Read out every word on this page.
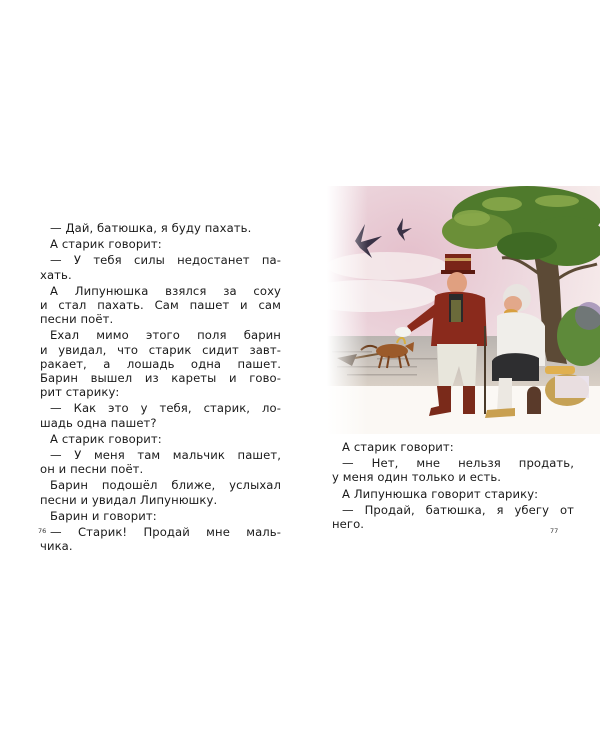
— Дай, батюшка, я буду пахать.
А старик говорит:
— У тебя силы недостанет па-
хать.
А Липунюшка взялся за соху
и стал пахать. Сам пашет и сам
песни поёт.
Ехал мимо этого поля барин
и увидал, что старик сидит завт-
ракает, а лошадь одна пашет.
Барин вышел из кареты и гово-
рит старику:
— Как это у тебя, старик, ло-
шадь одна пашет?
А старик говорит:
— У меня там мальчик пашет,
он и песни поёт.
Барин подошёл ближе, услыхал
песни и увидал Липунюшку.
Барин и говорит:
— Старик! Продай мне маль-
чика.
76
А старик говорит:
— Нет, мне нельзя продать,
у меня один только и есть.
А Липунюшка говорит старику:
— Продай, батюшка, я убегу от
него.	77
